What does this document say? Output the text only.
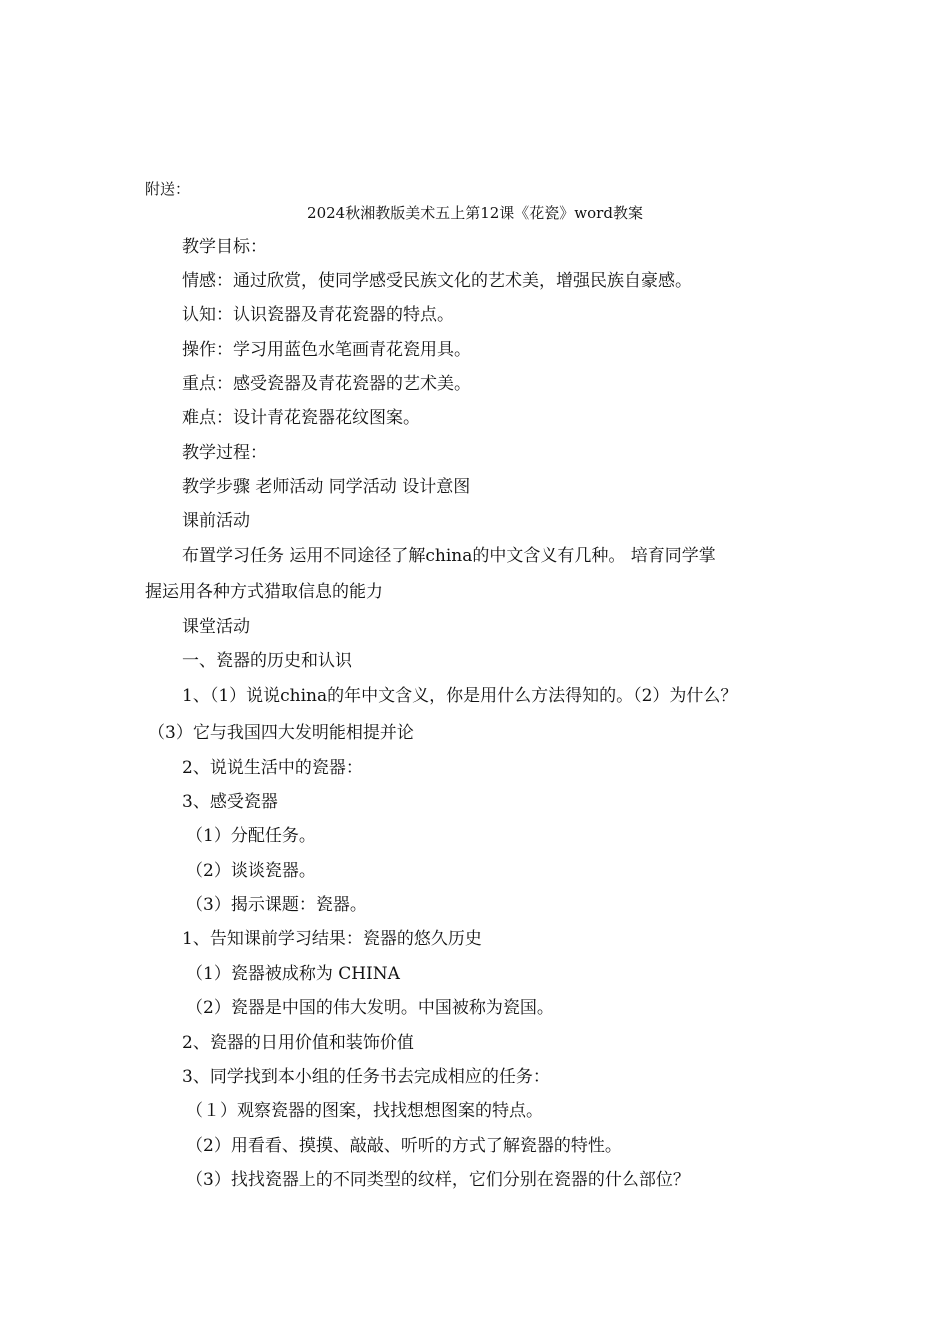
附送：
2024秋湘教版美术五上第12课《花瓷》word教案
教学目标：
情感：通过欣赏，使同学感受民族文化的艺术美，增强民族自豪感。
认知：认识瓷器及青花瓷器的特点。
操作：学习用蓝色水笔画青花瓷用具。
重点：感受瓷器及青花瓷器的艺术美。
难点：设计青花瓷器花纹图案。
教学过程：
教学步骤 老师活动 同学活动 设计意图
课前活动
布置学习任务 运用不同途径了解china的中文含义有几种。 培育同学掌
握运用各种方式猎取信息的能力
课堂活动
一、瓷器的历史和认识
1、（1）说说china的年中文含义，你是用什么方法得知的。（2）为什么？
（3）它与我国四大发明能相提并论
2、说说生活中的瓷器：
3、感受瓷器
（1）分配任务。
（2）谈谈瓷器。
（3）揭示课题：瓷器。
1、告知课前学习结果：瓷器的悠久历史
（1）瓷器被成称为 CHINA
（2）瓷器是中国的伟大发明。中国被称为瓷国。
2、瓷器的日用价值和装饰价值
3、同学找到本小组的任务书去完成相应的任务：
（１）观察瓷器的图案，找找想想图案的特点。
（2）用看看、摸摸、敲敲、听听的方式了解瓷器的特性。
（3）找找瓷器上的不同类型的纹样，它们分别在瓷器的什么部位？
